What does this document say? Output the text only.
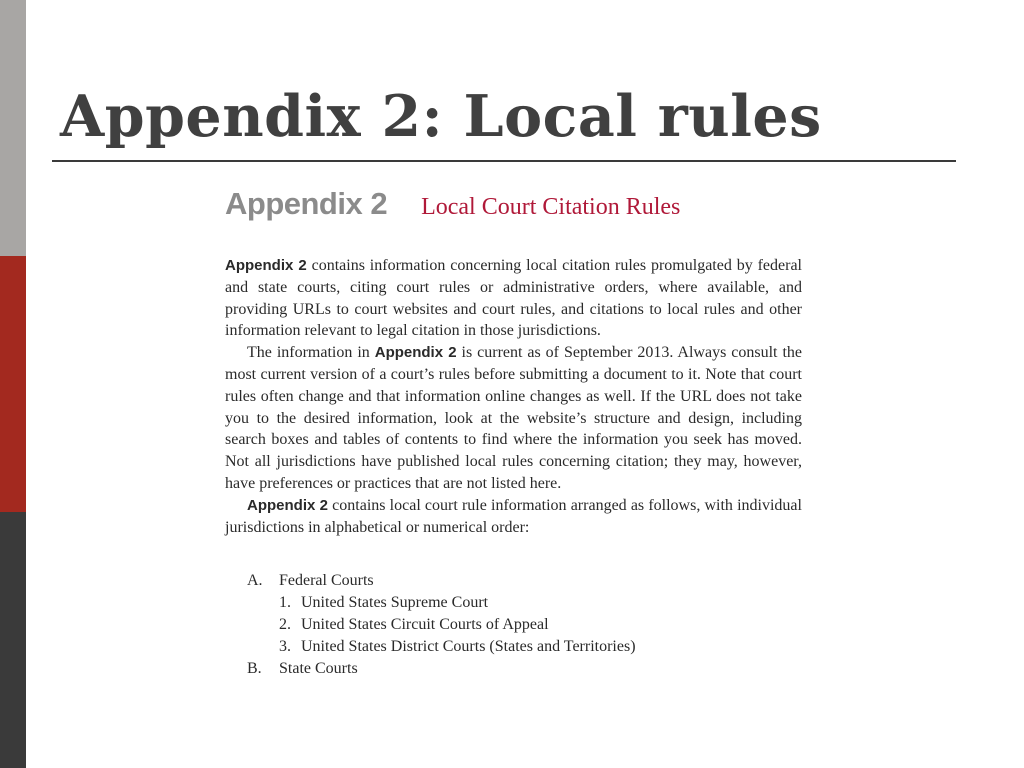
Appendix 2: Local rules
Appendix 2 Local Court Citation Rules

Appendix 2 contains information concerning local citation rules promulgated by federal and state courts, citing court rules or administrative orders, where available, and providing URLs to court websites and court rules, and citations to local rules and other information relevant to legal citation in those jurisdictions.

The information in Appendix 2 is current as of September 2013. Always consult the most current version of a court’s rules before submitting a document to it. Note that court rules often change and that information online changes as well. If the URL does not take you to the desired information, look at the website’s structure and design, including search boxes and tables of contents to find where the information you seek has moved. Not all jurisdictions have published local rules concerning citation; they may, however, have preferences or practices that are not listed here.

Appendix 2 contains local court rule information arranged as follows, with individual jurisdictions in alphabetical or numerical order:

A. Federal Courts
1. United States Supreme Court
2. United States Circuit Courts of Appeal
3. United States District Courts (States and Territories)
B. State Courts
